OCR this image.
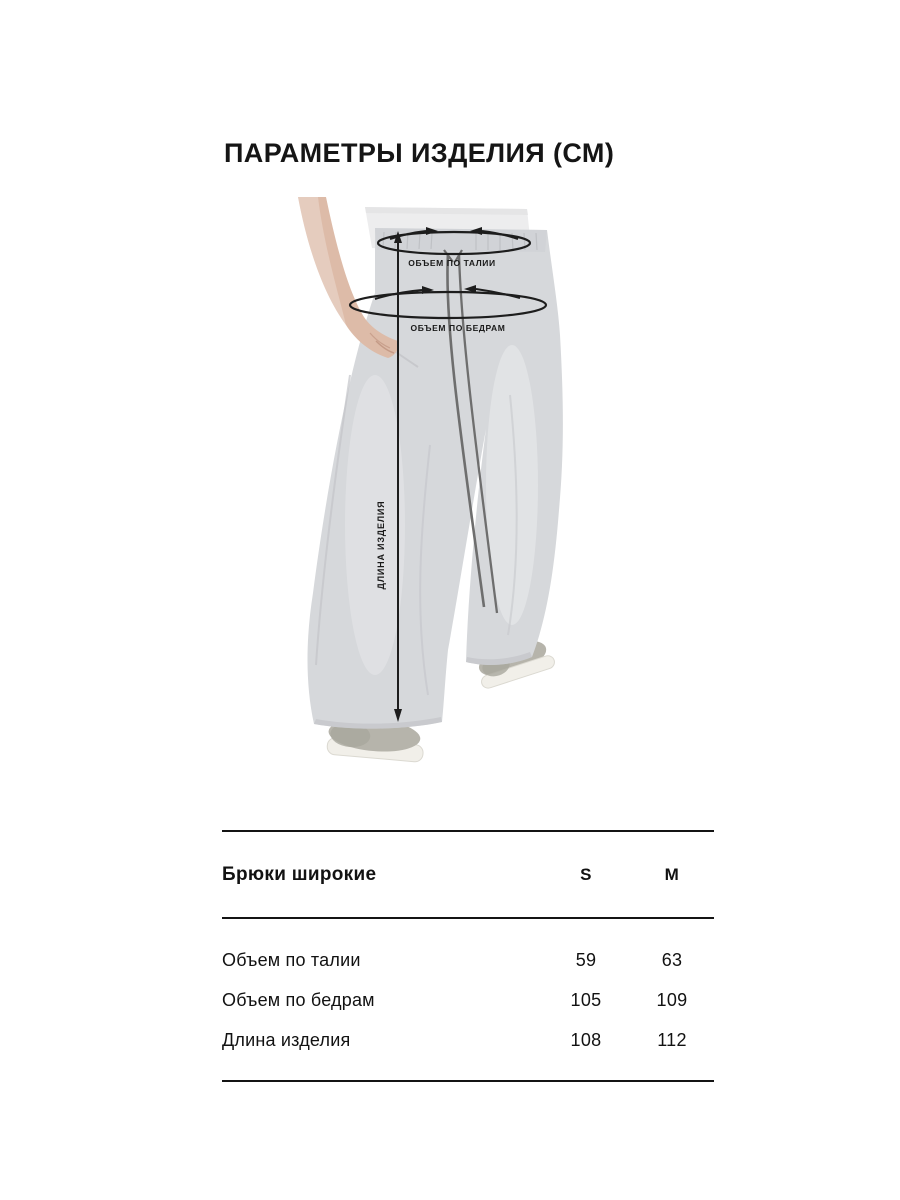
ПАРАМЕТРЫ ИЗДЕЛИЯ (СМ)
ОБЪЕМ ПО ТАЛИИ
ОБЪЕМ ПО БЕДРАМ
ДЛИНА ИЗДЕЛИЯ
Брюки широкие	S	M
Объем по талии	59	63
Объем по бедрам	105	109
Длина изделия	108	112
